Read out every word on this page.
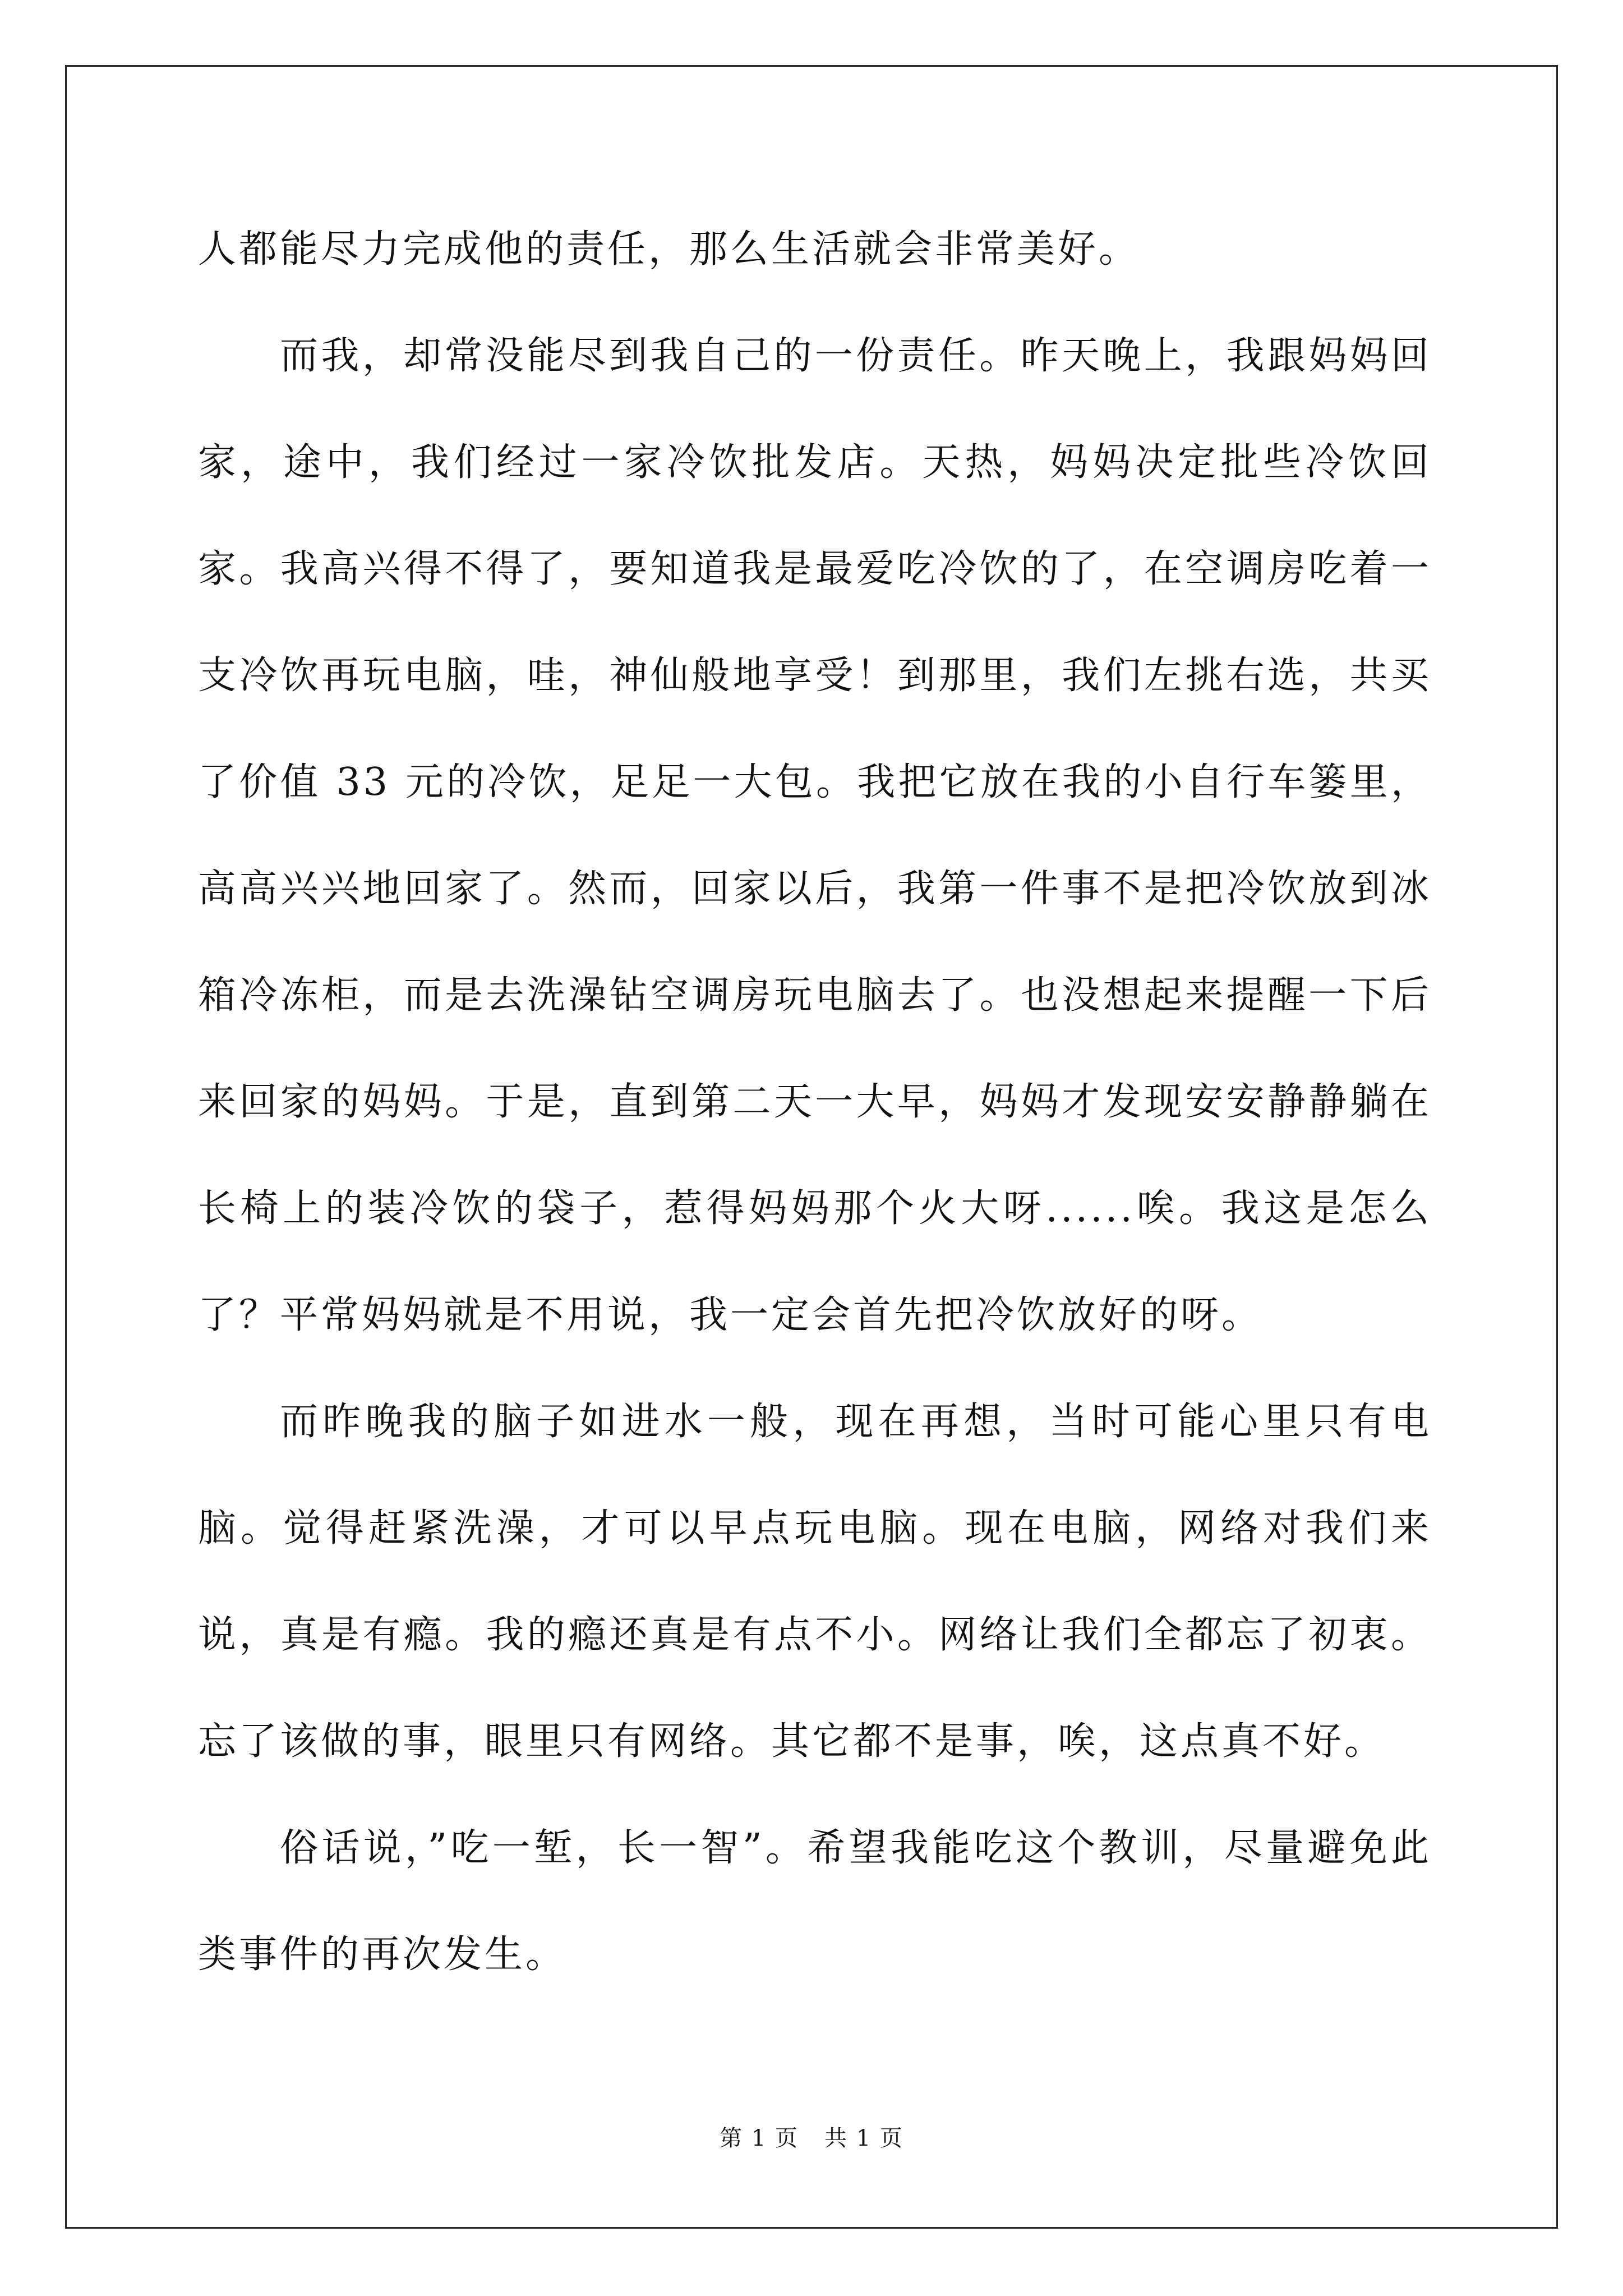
人都能尽力完成他的责任，那么生活就会非常美好。

而我，却常没能尽到我自己的一份责任。昨天晚上，我跟妈妈回家，途中，我们经过一家冷饮批发店。天热，妈妈决定批些冷饮回家。我高兴得不得了，要知道我是最爱吃冷饮的了，在空调房吃着一支冷饮再玩电脑，哇，神仙般地享受！到那里，我们左挑右选，共买了价值 33 元的冷饮，足足一大包。我把它放在我的小自行车篓里，高高兴兴地回家了。然而，回家以后，我第一件事不是把冷饮放到冰箱冷冻柜，而是去洗澡钻空调房玩电脑去了。也没想起来提醒一下后来回家的妈妈。于是，直到第二天一大早，妈妈才发现安安静静躺在长椅上的装冷饮的袋子，惹得妈妈那个火大呀......唉。我这是怎么了？平常妈妈就是不用说，我一定会首先把冷饮放好的呀。

而昨晚我的脑子如进水一般，现在再想，当时可能心里只有电脑。觉得赶紧洗澡，才可以早点玩电脑。现在电脑，网络对我们来说，真是有瘾。我的瘾还真是有点不小。网络让我们全都忘了初衷。忘了该做的事，眼里只有网络。其它都不是事，唉，这点真不好。

俗话说，”吃一堑，长一智”。希望我能吃这个教训，尽量避免此类事件的再次发生。

第 1 页 共 1 页
